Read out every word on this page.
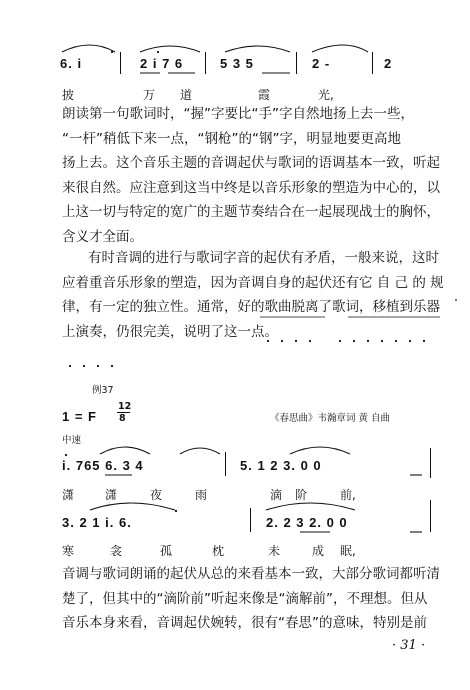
6. i	2 i 7 6	5 3 5	2 -	2
披	万 道	霞	光,
朗读第一句歌词时，“握”字要比“手”字自然地扬上去一些，
“一杆”稍低下来一点，“钢枪”的“钢”字，明显地要更高地
扬上去。这个音乐主题的音调起伏与歌词的语调基本一致，听起
来很自然。应注意到这当中终是以音乐形象的塑造为中心的，以
上这一切与特定的宽广的主题节奏结合在一起展现战士的胸怀，
含义才全面。
有时音调的进行与歌词字音的起伏有矛盾，一般来说，这时
应着重音乐形象的塑造，因为音调自身的起伏还有它 自 己 的 规
律，有一定的独立性。通常，好的歌曲脱离了歌词，移植到乐器
上演奏，仍很完美，说明了这一点。
例37
1 = F
12
8	《春思曲》韦瀚章词 黄 自曲
中速
i. 765 6. 3 4	5. 1 2 3. 0 0
潇	潇	夜	雨	滴 阶	前,
3. 2 1 i. 6.	2. 2 3 2. 0 0
寒	衾	孤	枕	未	成 眠,
音调与歌词朗诵的起伏从总的来看基本一致，大部分歌词都听清
楚了，但其中的“滴阶前”听起来像是“滴解前”，不理想。但从
音乐本身来看，音调起伏婉转，很有“春思”的意味，特别是前
· 31 ·
